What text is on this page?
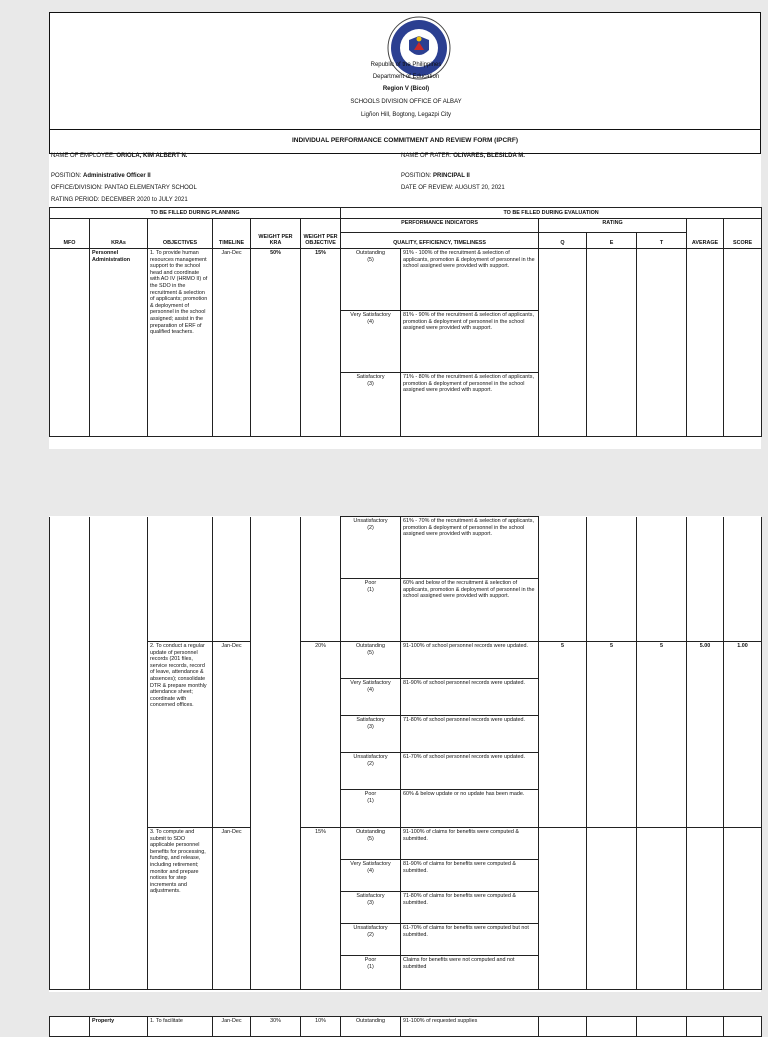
Republic of the Philippines
Department of Education
Region V (Bicol)
SCHOOLS DIVISION OFFICE OF ALBAY
Ligñon Hill, Bogtong, Legazpi City
INDIVIDUAL PERFORMANCE COMMITMENT AND REVIEW FORM (IPCRF)
NAME OF EMPLOYEE: ORIOLA, KIM ALBERT N.	NAME OF RATER: OLIVARES, BLESILDA M.
POSITION: Administrative Officer II	POSITION: PRINCIPAL II
OFFICE/DIVISION: PANTAO ELEMENTARY SCHOOL	DATE OF REVIEW: AUGUST 20, 2021
RATING PERIOD: DECEMBER 2020 to JULY 2021
TO BE FILLED DURING PLANNING						TO BE FILLED DURING EVALUATION						
MFO	KRAs	OBJECTIVES	TIMELINE	WEIGHT PER KRA	WEIGHT PER OBJECTIVE	PERFORMANCE INDICATORS		RATING			AVERAGE	SCORE
						QUALITY, EFFICIENCY, TIMELINESS		Q	E	T		
	Personnel Administration	1. To provide human resources management support to the school head and coordinate with AO IV (HRMO II) of the SDO in the recruitment & selection of applicants; promotion & deployment of personnel in the school assigned; assist in the preparation of ERF of qualified teachers.	Jan-Dec	50%	15%	Outstanding
(5)	91% - 100% of the recruitment & selection of applicants, promotion & deployment of personnel in the school assigned were provided with support.					
						Very Satisfactory
(4)	81% - 90% of the recruitment & selection of applicants, promotion & deployment of personnel in the school assigned were provided with support.					
						Satisfactory
(3)	71% - 80% of the recruitment & selection of applicants, promotion & deployment of personnel in the school assigned were provided with support.					
						Unsatisfactory
(2)	61% - 70% of the recruitment & selection of applicants, promotion & deployment of personnel in the school assigned were provided with support.					
						Poor
(1)	60% and below of the recruitment & selection of applicants, promotion & deployment of personnel in the school assigned were provided with support.					
		2. To conduct a regular update of personnel records (201 files, service records, record of leave, attendance & absences); consolidate DTR & prepare monthly attendance sheet; coordinate with concerned offices.	Jan-Dec		20%	Outstanding
(5)	91-100% of school personnel records were updated.	5	5	5	5.00	1.00
						Very Satisfactory
(4)	81-90% of school personnel records were updated.					
						Satisfactory
(3)	71-80% of school personnel records were updated.					
						Unsatisfactory
(2)	61-70% of school personnel records were updated.					
						Poor
(1)	60% & below update or no update has been made.					
		3. To compute and submit to SDO applicable personnel benefits for processing, funding, and release, including retirement; monitor and prepare notices for step increments and adjustments.	Jan-Dec		15%	Outstanding
(5)	91-100% of claims for benefits were computed & submitted.					
						Very Satisfactory
(4)	81-90% of claims for benefits were computed & submitted.					
						Satisfactory
(3)	71-80% of claims for benefits were computed & submitted.					
						Unsatisfactory
(2)	61-70% of claims for benefits were computed but not submitted.					
						Poor
(1)	Claims for benefits were not computed and not submitted					
	Property	1. To facilitate	Jan-Dec	30%	10%	Outstanding	91-100% of requested supplies					
